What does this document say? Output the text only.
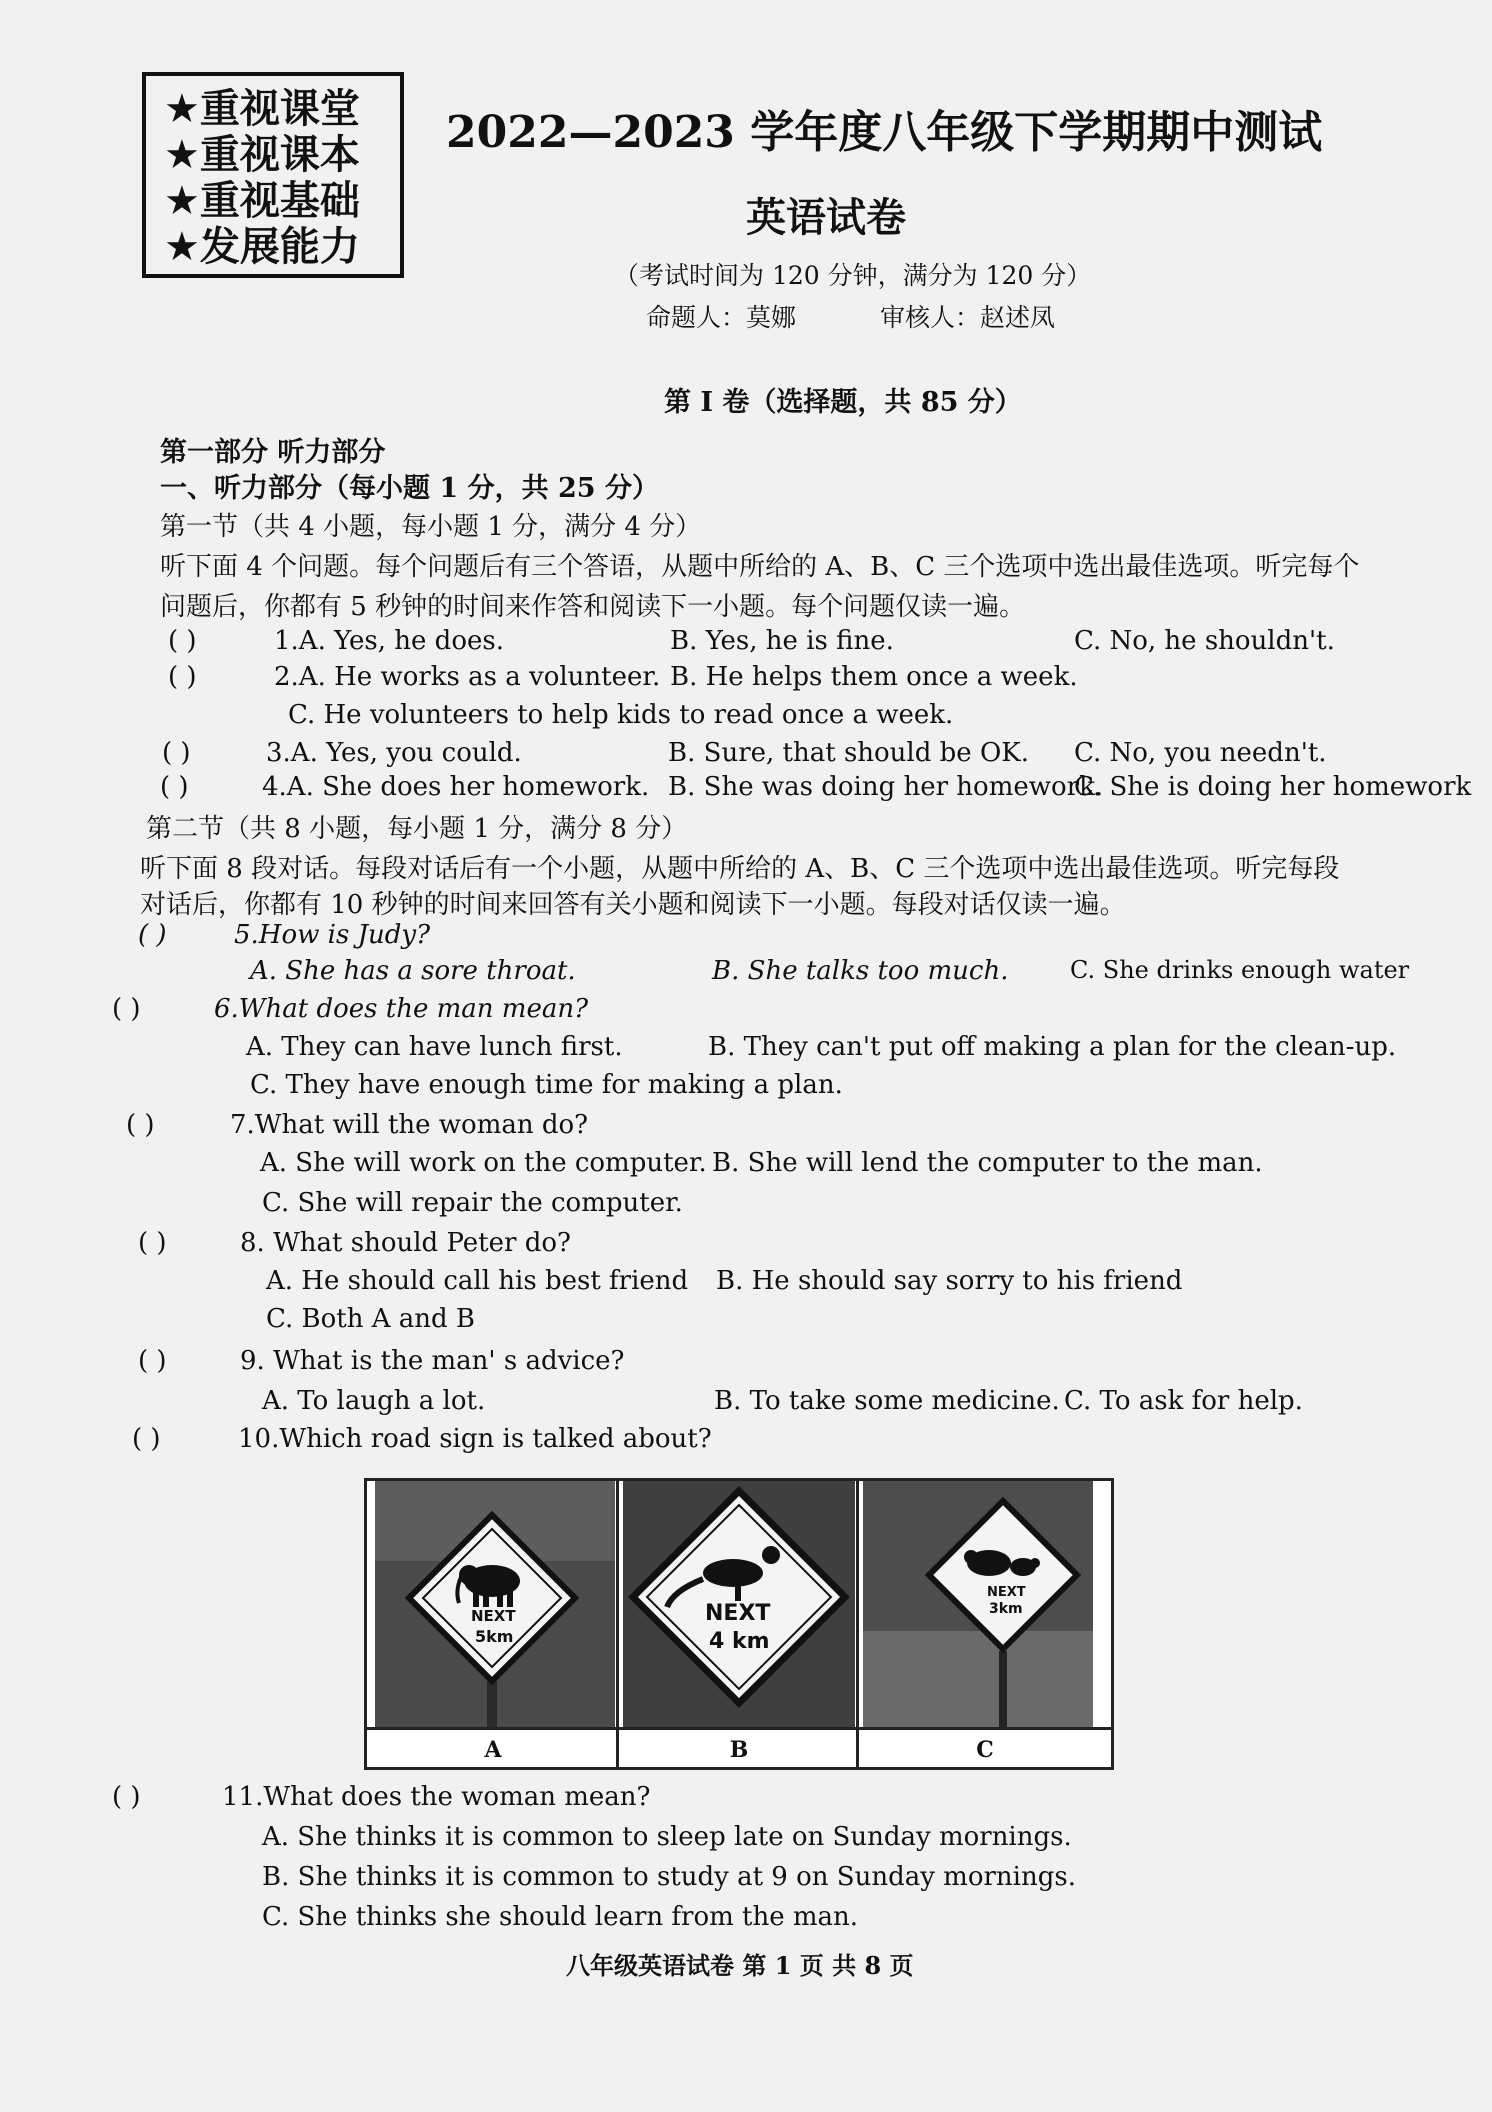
★重视课堂
★重视课本
★重视基础
★发展能力
2022—2023 学年度八年级下学期期中测试
英语试卷
（考试时间为 120 分钟，满分为 120 分）
命题人：莫娜	审核人：赵述凤
第 I 卷（选择题，共 85 分）
第一部分 听力部分
一、听力部分（每小题 1 分，共 25 分）
第一节（共 4 小题，每小题 1 分，满分 4 分）
听下面 4 个问题。每个问题后有三个答语，从题中所给的 A、B、C 三个选项中选出最佳选项。听完每个
问题后，你都有 5 秒钟的时间来作答和阅读下一小题。每个问题仅读一遍。
( )	1.A. Yes, he does.	B. Yes, he is fine.	C. No, he shouldn't.
( )	2.A. He works as a volunteer. B. He helps them once a week.
C. He volunteers to help kids to read once a week.
( )	3.A. Yes, you could.	B. Sure, that should be OK. C. No, you needn't.
( )	4.A. She does her homework. B. She was doing her homework.
C. She is doing her homework
第二节（共 8 小题，每小题 1 分，满分 8 分）
听下面 8 段对话。每段对话后有一个小题，从题中所给的 A、B、C 三个选项中选出最佳选项。听完每段
对话后，你都有 10 秒钟的时间来回答有关小题和阅读下一小题。每段对话仅读一遍。
( )	5.How is Judy?
A. She has a sore throat.	B. She talks too much.	C. She drinks enough water
( )	6.What does the man mean?
A. They can have lunch first.	B. They can't put off making a plan for the clean-up.
C. They have enough time for making a plan.
( )	7.What will the woman do?
A. She will work on the computer. B. She will lend the computer to the man.
C. She will repair the computer.
( )	8. What should Peter do?
A. He should call his best friend B. He should say sorry to his friend
C. Both A and B
( )	9. What is the man' s advice?
A. To laugh a lot.	B. To take some medicine. C. To ask for help.
( )	10.Which road sign is talked about?
NEXT
5km
NEXT
4 km
NEXT
3km
A	B	C
( )	11.What does the woman mean?
A. She thinks it is common to sleep late on Sunday mornings.
B. She thinks it is common to study at 9 on Sunday mornings.
C. She thinks she should learn from the man.
八年级英语试卷 第 1 页 共 8 页
